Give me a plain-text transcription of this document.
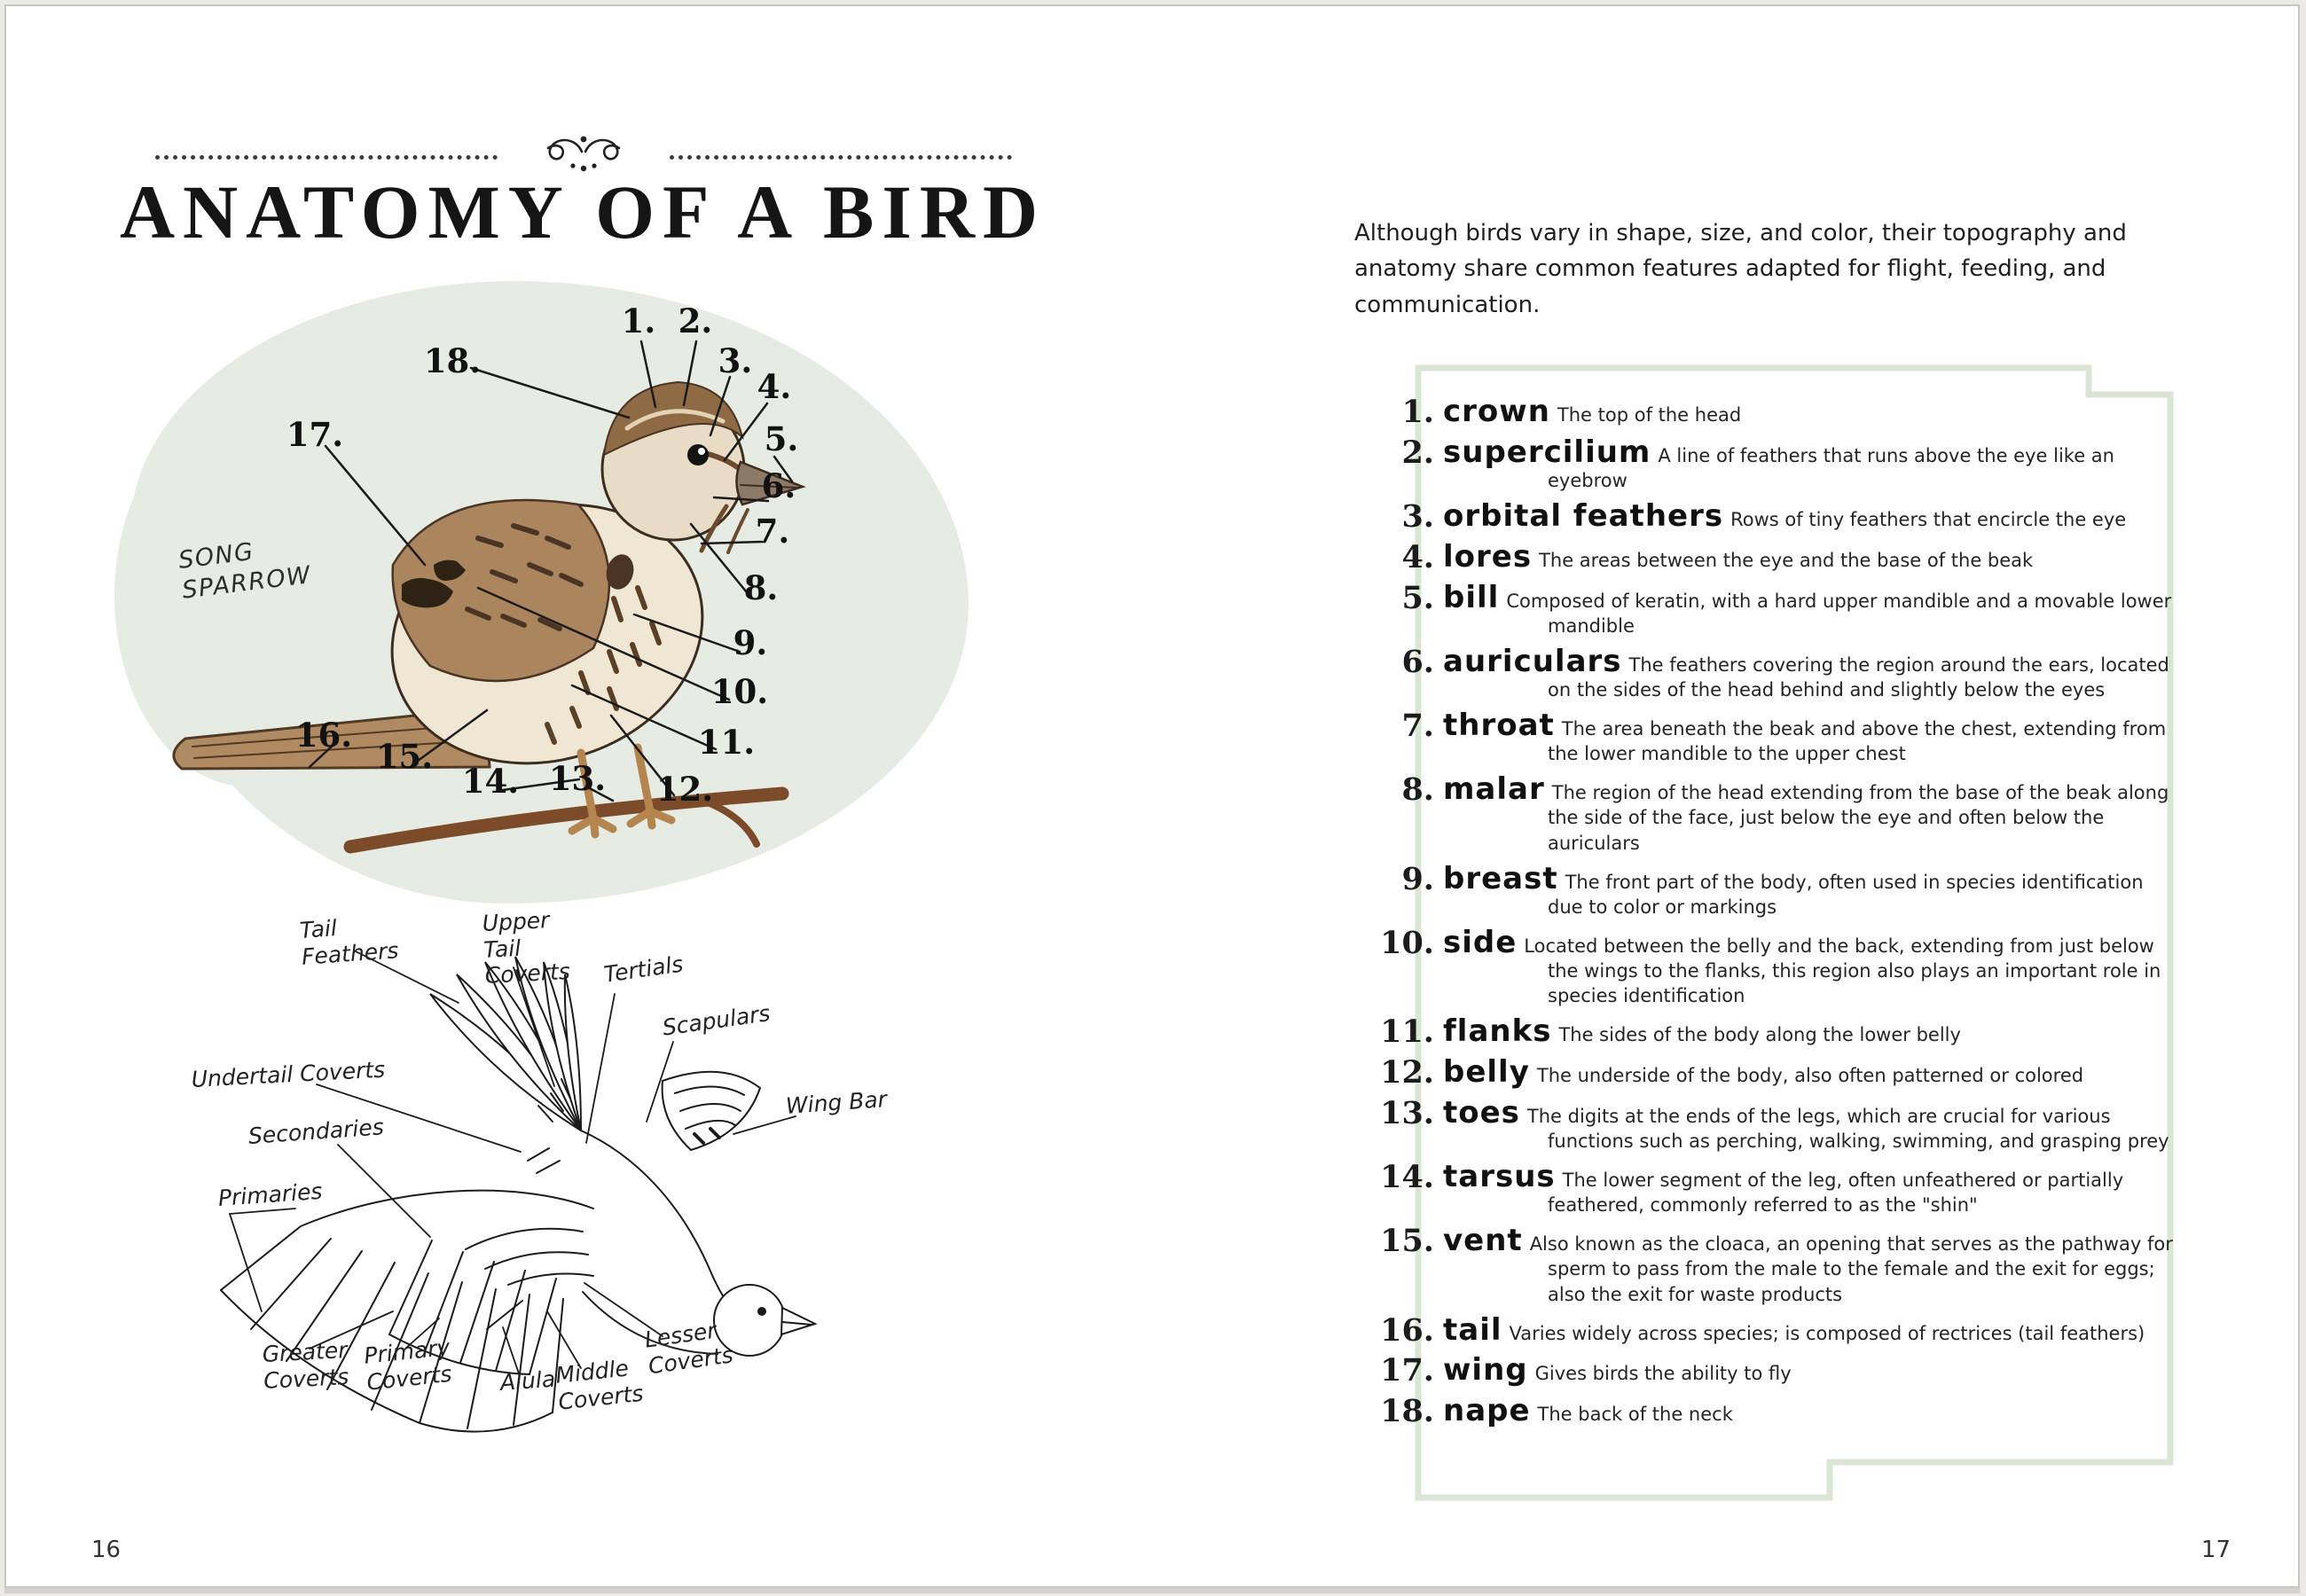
ANATOMY OF A BIRD
SONG
SPARROW
1. 2.
3.
4.
5.
6.
7.
8.
9.
10.
11.
12.
13.
14.
15.
16.
17.
18.
Tail
Feathers
Upper
Tail
Coverts Tertials
Scapulars
Wing Bar
Undertail Coverts
Secondaries
Primaries
Greater
Coverts
Primary
Coverts Alula
Middle
Coverts
Lesser
Coverts
16
Although birds vary in shape, size, and color, their topography and anatomy share common features adapted for flight, feeding, and communication.
1. crown The top of the head

2. supercilium A line of feathers that runs above the eye like an eyebrow

3. orbital feathers Rows of tiny feathers that encircle the eye

4. lores The areas between the eye and the base of the beak

5. bill Composed of keratin, with a hard upper mandible and a movable lower mandible

6. auriculars The feathers covering the region around the ears, located on the sides of the head behind and slightly below the eyes

7. throat The area beneath the beak and above the chest, extending from the lower mandible to the upper chest

8. malar The region of the head extending from the base of the beak along the side of the face, just below the eye and often below the auriculars

9. breast The front part of the body, often used in species identification due to color or markings

10. side Located between the belly and the back, extending from just below the wings to the flanks, this region also plays an important role in species identification

11. flanks The sides of the body along the lower belly

12. belly The underside of the body, also often patterned or colored

13. toes The digits at the ends of the legs, which are crucial for various functions such as perching, walking, swimming, and grasping prey

14. tarsus The lower segment of the leg, often unfeathered or partially feathered, commonly referred to as the "shin"

15. vent Also known as the cloaca, an opening that serves as the pathway for sperm to pass from the male to the female and the exit for eggs; also the exit for waste products

16. tail Varies widely across species; is composed of rectrices (tail feathers)

17. wing Gives birds the ability to fly

18. nape The back of the neck

17
